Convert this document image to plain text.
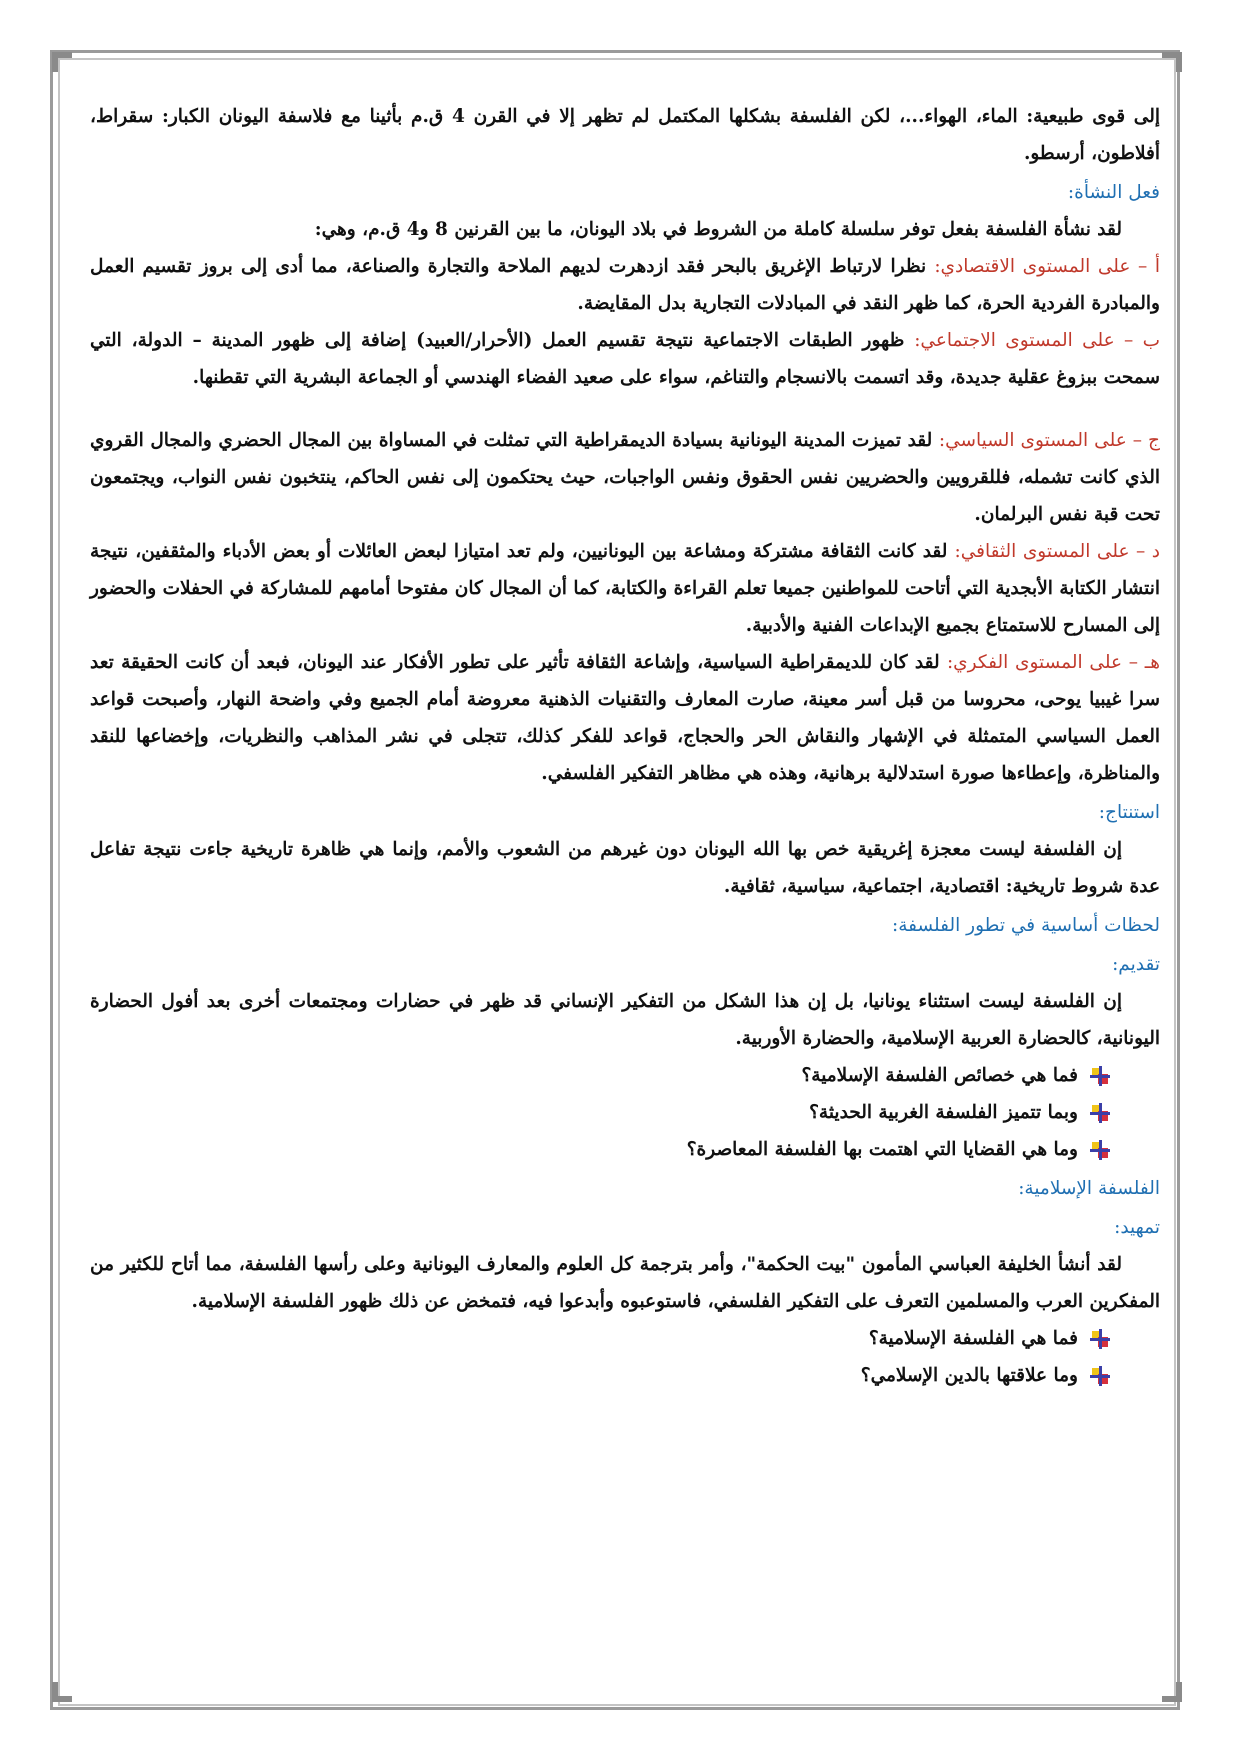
إلى قوى طبيعية: الماء، الهواء...، لكن الفلسفة بشكلها المكتمل لم تظهر إلا في القرن 4 ق.م بأثينا مع فلاسفة اليونان الكبار: سقراط، أفلاطون، أرسطو.

فعل النشأة:

لقد نشأة الفلسفة بفعل توفر سلسلة كاملة من الشروط في بلاد اليونان، ما بين القرنين 8 و4 ق.م، وهي:

أ – على المستوى الاقتصادي: نظرا لارتباط الإغريق بالبحر فقد ازدهرت لديهم الملاحة والتجارة والصناعة، مما أدى إلى بروز تقسيم العمل والمبادرة الفردية الحرة، كما ظهر النقد في المبادلات التجارية بدل المقايضة.

ب – على المستوى الاجتماعي: ظهور الطبقات الاجتماعية نتيجة تقسيم العمل (الأحرار/العبيد) إضافة إلى ظهور المدينة – الدولة، التي سمحت ببزوغ عقلية جديدة، وقد اتسمت بالانسجام والتناغم، سواء على صعيد الفضاء الهندسي أو الجماعة البشرية التي تقطنها.

ج – على المستوى السياسي: لقد تميزت المدينة اليونانية بسيادة الديمقراطية التي تمثلت في المساواة بين المجال الحضري والمجال القروي الذي كانت تشمله، فللقرويين والحضريين نفس الحقوق ونفس الواجبات، حيث يحتكمون إلى نفس الحاكم، ينتخبون نفس النواب، ويجتمعون تحت قبة نفس البرلمان.

د – على المستوى الثقافي: لقد كانت الثقافة مشتركة ومشاعة بين اليونانيين، ولم تعد امتيازا لبعض العائلات أو بعض الأدباء والمثقفين، نتيجة انتشار الكتابة الأبجدية التي أتاحت للمواطنين جميعا تعلم القراءة والكتابة، كما أن المجال كان مفتوحا أمامهم للمشاركة في الحفلات والحضور إلى المسارح للاستمتاع بجميع الإبداعات الفنية والأدبية.

هـ – على المستوى الفكري: لقد كان للديمقراطية السياسية، وإشاعة الثقافة تأثير على تطور الأفكار عند اليونان، فبعد أن كانت الحقيقة تعد سرا غيبيا يوحى، محروسا من قبل أسر معينة، صارت المعارف والتقنيات الذهنية معروضة أمام الجميع وفي واضحة النهار، وأصبحت قواعد العمل السياسي المتمثلة في الإشهار والنقاش الحر والحجاج، قواعد للفكر كذلك، تتجلى في نشر المذاهب والنظريات، وإخضاعها للنقد والمناظرة، وإعطاءها صورة استدلالية برهانية، وهذه هي مظاهر التفكير الفلسفي.

استنتاج:

إن الفلسفة ليست معجزة إغريقية خص بها الله اليونان دون غيرهم من الشعوب والأمم، وإنما هي ظاهرة تاريخية جاءت نتيجة تفاعل عدة شروط تاريخية: اقتصادية، اجتماعية، سياسية، ثقافية.

لحظات أساسية في تطور الفلسفة:

تقديم:

إن الفلسفة ليست استثناء يونانيا، بل إن هذا الشكل من التفكير الإنساني قد ظهر في حضارات ومجتمعات أخرى بعد أفول الحضارة اليونانية، كالحضارة العربية الإسلامية، والحضارة الأوربية.

فما هي خصائص الفلسفة الإسلامية؟
وبما تتميز الفلسفة الغربية الحديثة؟
وما هي القضايا التي اهتمت بها الفلسفة المعاصرة؟

الفلسفة الإسلامية:

تمهيد:

لقد أنشأ الخليفة العباسي المأمون "بيت الحكمة"، وأمر بترجمة كل العلوم والمعارف اليونانية وعلى رأسها الفلسفة، مما أتاح للكثير من المفكرين العرب والمسلمين التعرف على التفكير الفلسفي، فاستوعبوه وأبدعوا فيه، فتمخض عن ذلك ظهور الفلسفة الإسلامية.

فما هي الفلسفة الإسلامية؟
وما علاقتها بالدين الإسلامي؟
